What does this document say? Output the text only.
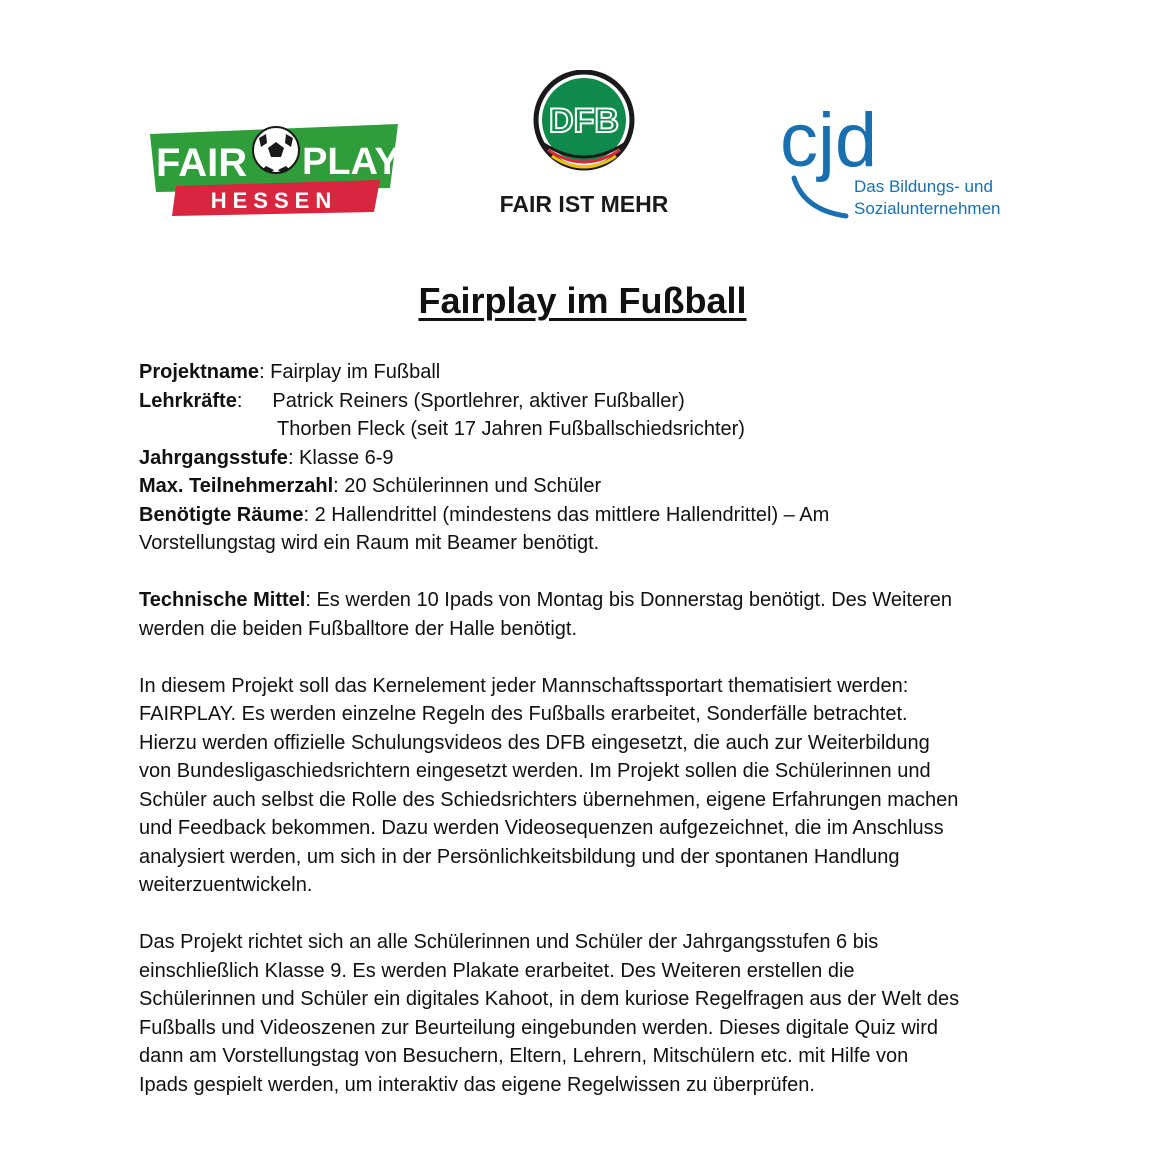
FAIR PLAY
HESSEN
DFB
FAIR IST MEHR
cjd
Das Bildungs- und
Sozialunternehmen
Fairplay im Fußball
Projektname: Fairplay im Fußball
Lehrkräfte: Patrick Reiners (Sportlehrer, aktiver Fußballer)
Thorben Fleck (seit 17 Jahren Fußballschiedsrichter)
Jahrgangsstufe: Klasse 6-9
Max. Teilnehmerzahl: 20 Schülerinnen und Schüler
Benötigte Räume: 2 Hallendrittel (mindestens das mittlere Hallendrittel) – Am
Vorstellungstag wird ein Raum mit Beamer benötigt.
Technische Mittel: Es werden 10 Ipads von Montag bis Donnerstag benötigt. Des Weiteren
werden die beiden Fußballtore der Halle benötigt.
In diesem Projekt soll das Kernelement jeder Mannschaftssportart thematisiert werden:
FAIRPLAY. Es werden einzelne Regeln des Fußballs erarbeitet, Sonderfälle betrachtet.
Hierzu werden offizielle Schulungsvideos des DFB eingesetzt, die auch zur Weiterbildung
von Bundesligaschiedsrichtern eingesetzt werden. Im Projekt sollen die Schülerinnen und
Schüler auch selbst die Rolle des Schiedsrichters übernehmen, eigene Erfahrungen machen
und Feedback bekommen. Dazu werden Videosequenzen aufgezeichnet, die im Anschluss
analysiert werden, um sich in der Persönlichkeitsbildung und der spontanen Handlung
weiterzuentwickeln.
Das Projekt richtet sich an alle Schülerinnen und Schüler der Jahrgangsstufen 6 bis
einschließlich Klasse 9. Es werden Plakate erarbeitet. Des Weiteren erstellen die
Schülerinnen und Schüler ein digitales Kahoot, in dem kuriose Regelfragen aus der Welt des
Fußballs und Videoszenen zur Beurteilung eingebunden werden. Dieses digitale Quiz wird
dann am Vorstellungstag von Besuchern, Eltern, Lehrern, Mitschülern etc. mit Hilfe von
Ipads gespielt werden, um interaktiv das eigene Regelwissen zu überprüfen.
